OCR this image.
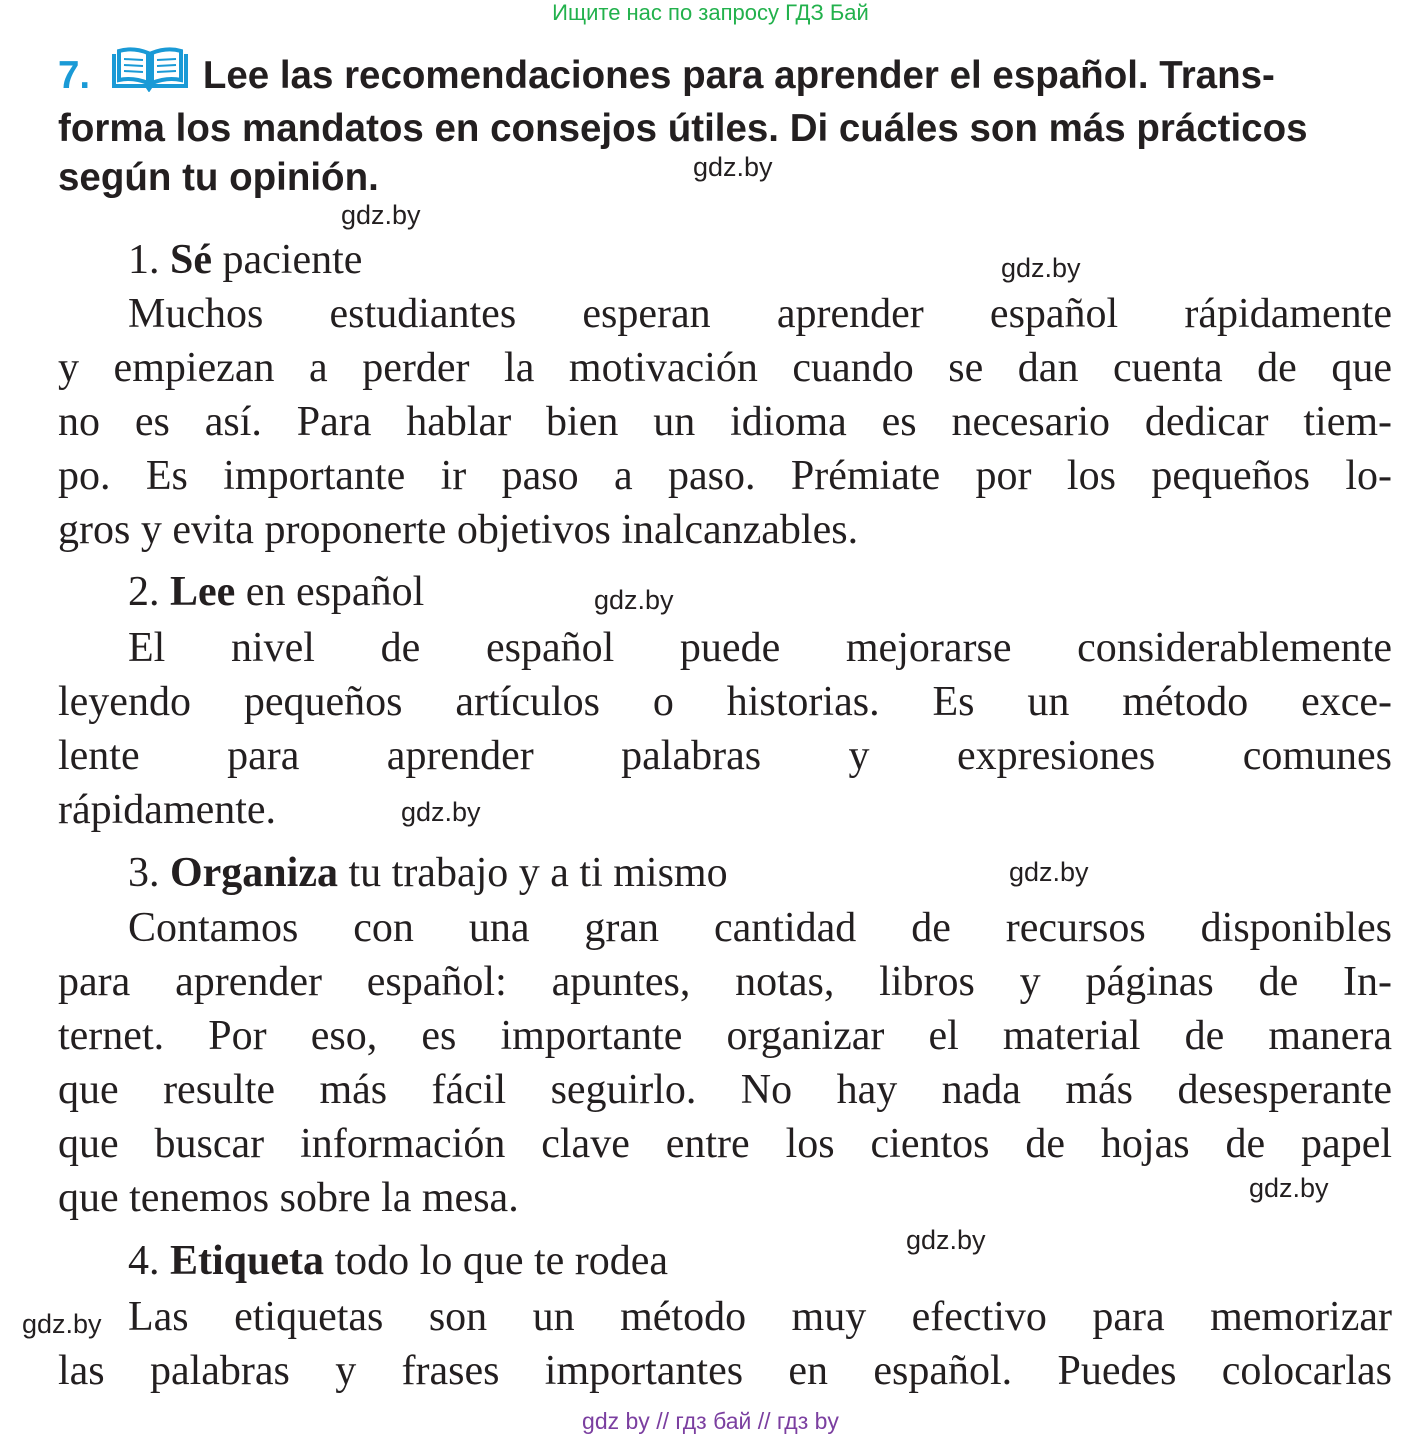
Ищите нас по запросу ГДЗ Бай
7.	Lee las recomendaciones para aprender el español. Trans-
forma los mandatos en consejos útiles. Di cuáles son más prácticos
según tu opinión.
1. Sé paciente
Muchos estudiantes esperan aprender español rápidamente
y empiezan a perder la motivación cuando se dan cuenta de que
no es así. Para hablar bien un idioma es necesario dedicar tiem-
po. Es importante ir paso a paso. Prémiate por los pequeños lo-
gros y evita proponerte objetivos inalcanzables.
2. Lee en español
El nivel de español puede mejorarse considerablemente
leyendo pequeños artículos o historias. Es un método exce-
lente para aprender palabras y expresiones comunes
rápidamente.
3. Organiza tu trabajo y a ti mismo
Contamos con una gran cantidad de recursos disponibles
para aprender español: apuntes, notas, libros y páginas de In-
ternet. Por eso, es importante organizar el material de manera
que resulte más fácil seguirlo. No hay nada más desesperante
que buscar información clave entre los cientos de hojas de papel
que tenemos sobre la mesa.
4. Etiqueta todo lo que te rodea
Las etiquetas son un método muy efectivo para memorizar
las palabras y frases importantes en español. Puedes colocarlas
gdz.by
gdz.by
gdz.by
gdz.by
gdz.by
gdz.by
gdz.by
gdz.by
gdz.by
gdz by // гдз бай // гдз by
